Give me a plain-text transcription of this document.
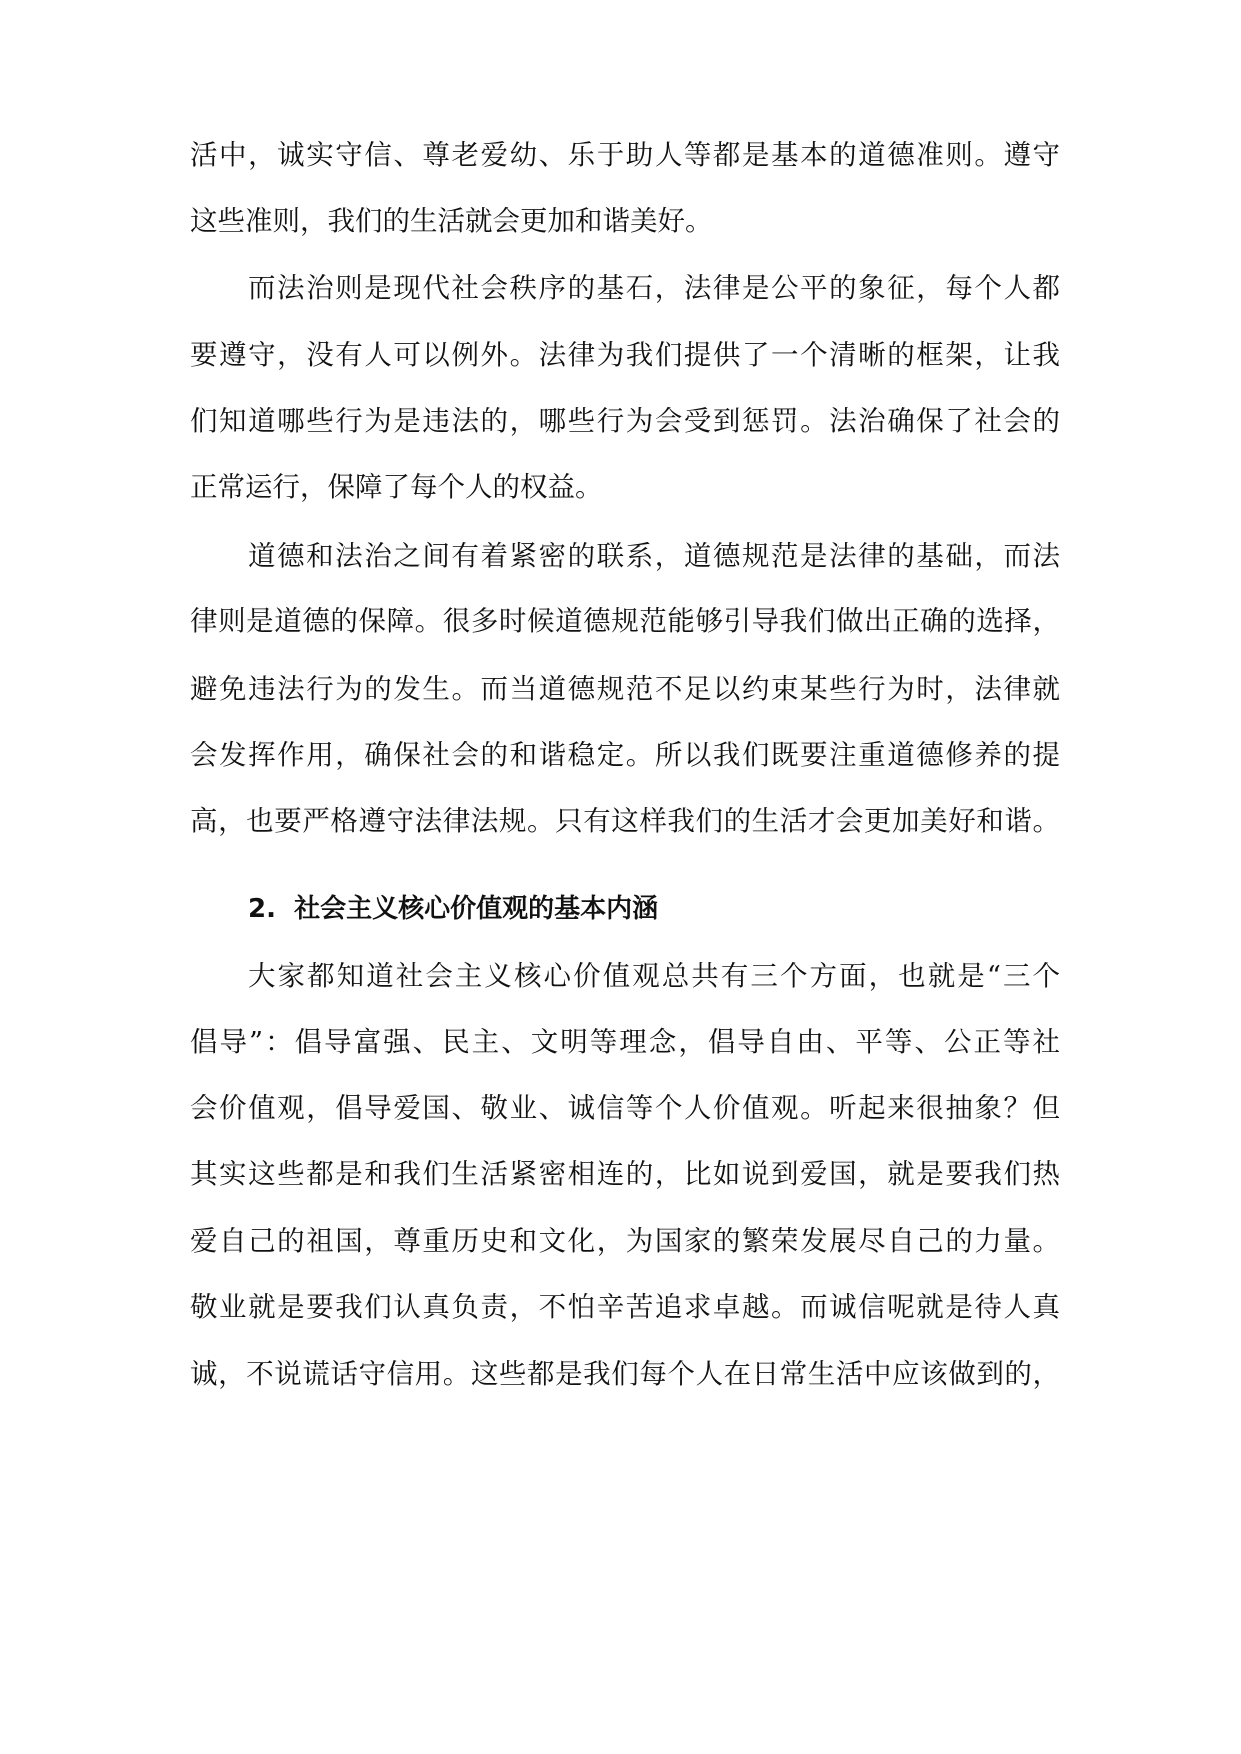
活中，诚实守信、尊老爱幼、乐于助人等都是基本的道德准则。遵守
这些准则，我们的生活就会更加和谐美好。
而法治则是现代社会秩序的基石，法律是公平的象征，每个人都
要遵守，没有人可以例外。法律为我们提供了一个清晰的框架，让我
们知道哪些行为是违法的，哪些行为会受到惩罚。法治确保了社会的
正常运行，保障了每个人的权益。
道德和法治之间有着紧密的联系，道德规范是法律的基础，而法
律则是道德的保障。很多时候道德规范能够引导我们做出正确的选择，
避免违法行为的发生。而当道德规范不足以约束某些行为时，法律就
会发挥作用，确保社会的和谐稳定。所以我们既要注重道德修养的提
高，也要严格遵守法律法规。只有这样我们的生活才会更加美好和谐。
2.  社会主义核心价值观的基本内涵
大家都知道社会主义核心价值观总共有三个方面，也就是“三个
倡导”：倡导富强、民主、文明等理念，倡导自由、平等、公正等社
会价值观，倡导爱国、敬业、诚信等个人价值观。听起来很抽象？但
其实这些都是和我们生活紧密相连的，比如说到爱国，就是要我们热
爱自己的祖国，尊重历史和文化，为国家的繁荣发展尽自己的力量。
敬业就是要我们认真负责，不怕辛苦追求卓越。而诚信呢就是待人真
诚，不说谎话守信用。这些都是我们每个人在日常生活中应该做到的，
